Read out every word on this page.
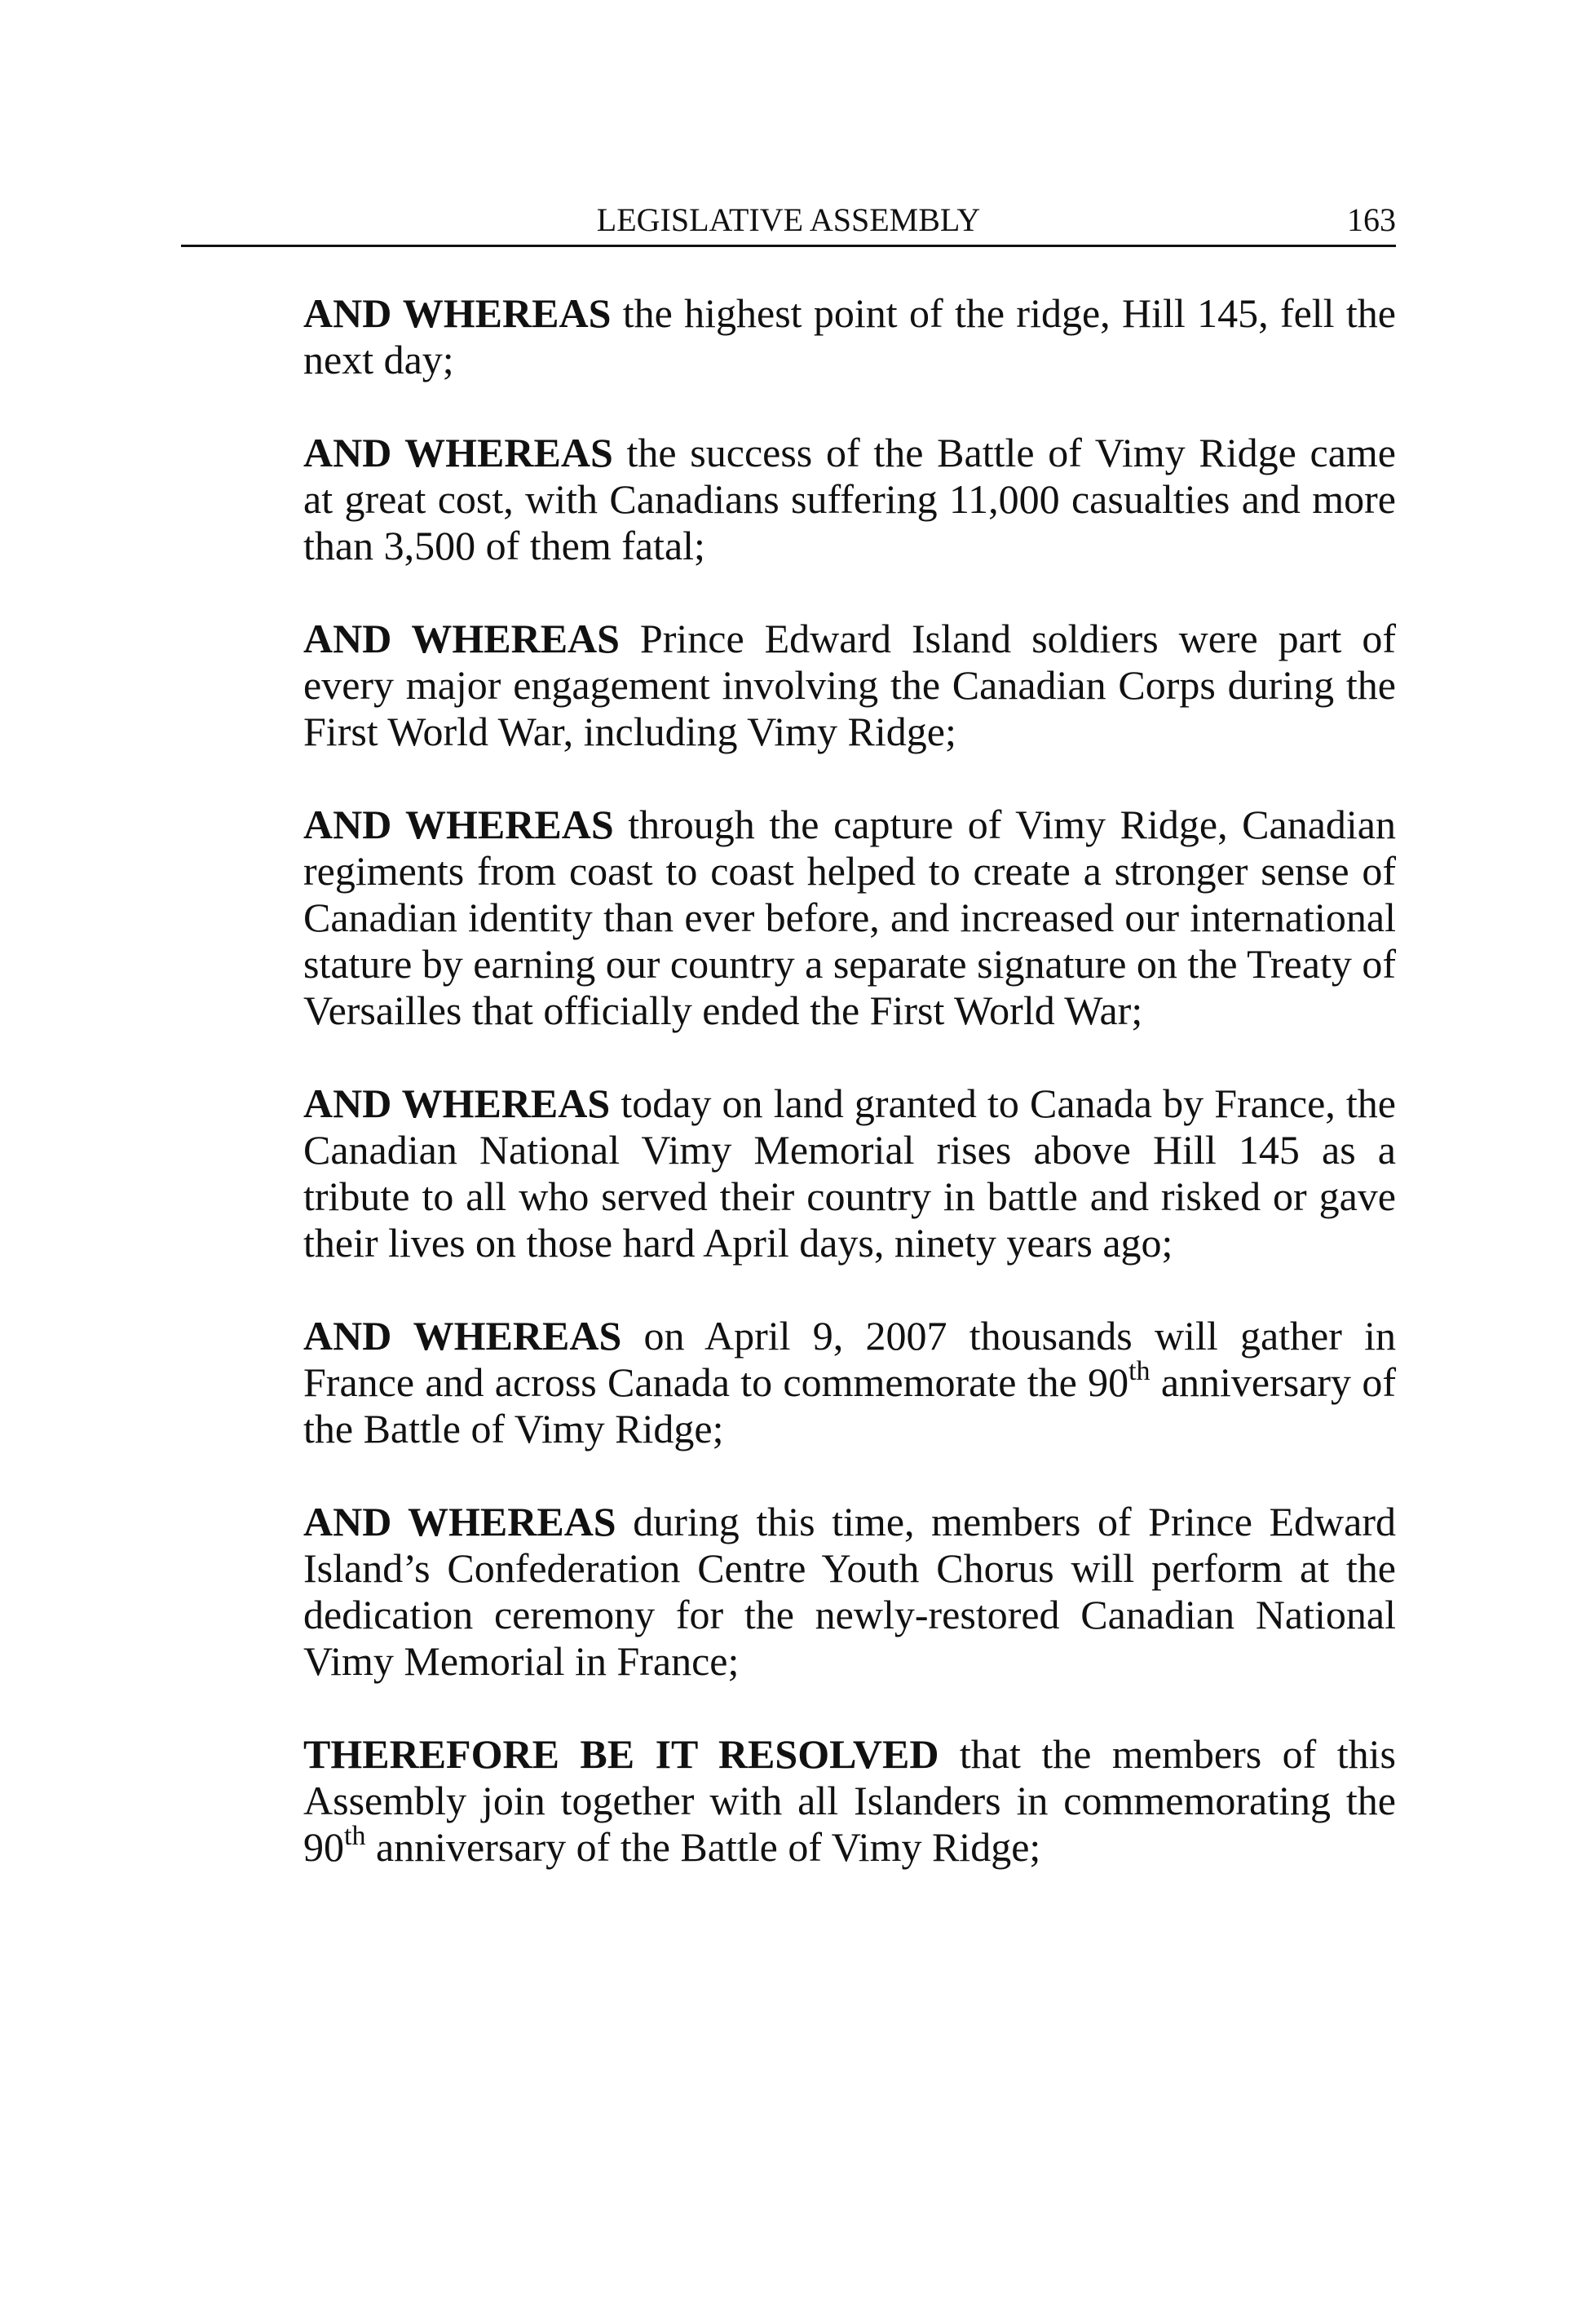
LEGISLATIVE ASSEMBLY	163

AND WHEREAS the highest point of the ridge, Hill 145, fell the next day;

AND WHEREAS the success of the Battle of Vimy Ridge came at great cost, with Canadians suffering 11,000 casualties and more than 3,500 of them fatal;

AND WHEREAS Prince Edward Island soldiers were part of every major engagement involving the Canadian Corps during the First World War, including Vimy Ridge;

AND WHEREAS through the capture of Vimy Ridge, Canadian regiments from coast to coast helped to create a stronger sense of Canadian identity than ever before, and increased our international stature by earning our country a separate signature on the Treaty of Versailles that officially ended the First World War;

AND WHEREAS today on land granted to Canada by France, the Canadian National Vimy Memorial rises above Hill 145 as a tribute to all who served their country in battle and risked or gave their lives on those hard April days, ninety years ago;

AND WHEREAS on April 9, 2007 thousands will gather in France and across Canada to commemorate the 90th anniversary of the Battle of Vimy Ridge;

AND WHEREAS during this time, members of Prince Edward Island’s Confederation Centre Youth Chorus will perform at the dedication ceremony for the newly-restored Canadian National Vimy Memorial in France;

THEREFORE BE IT RESOLVED that the members of this Assembly join together with all Islanders in commemorating the 90th anniversary of the Battle of Vimy Ridge;
